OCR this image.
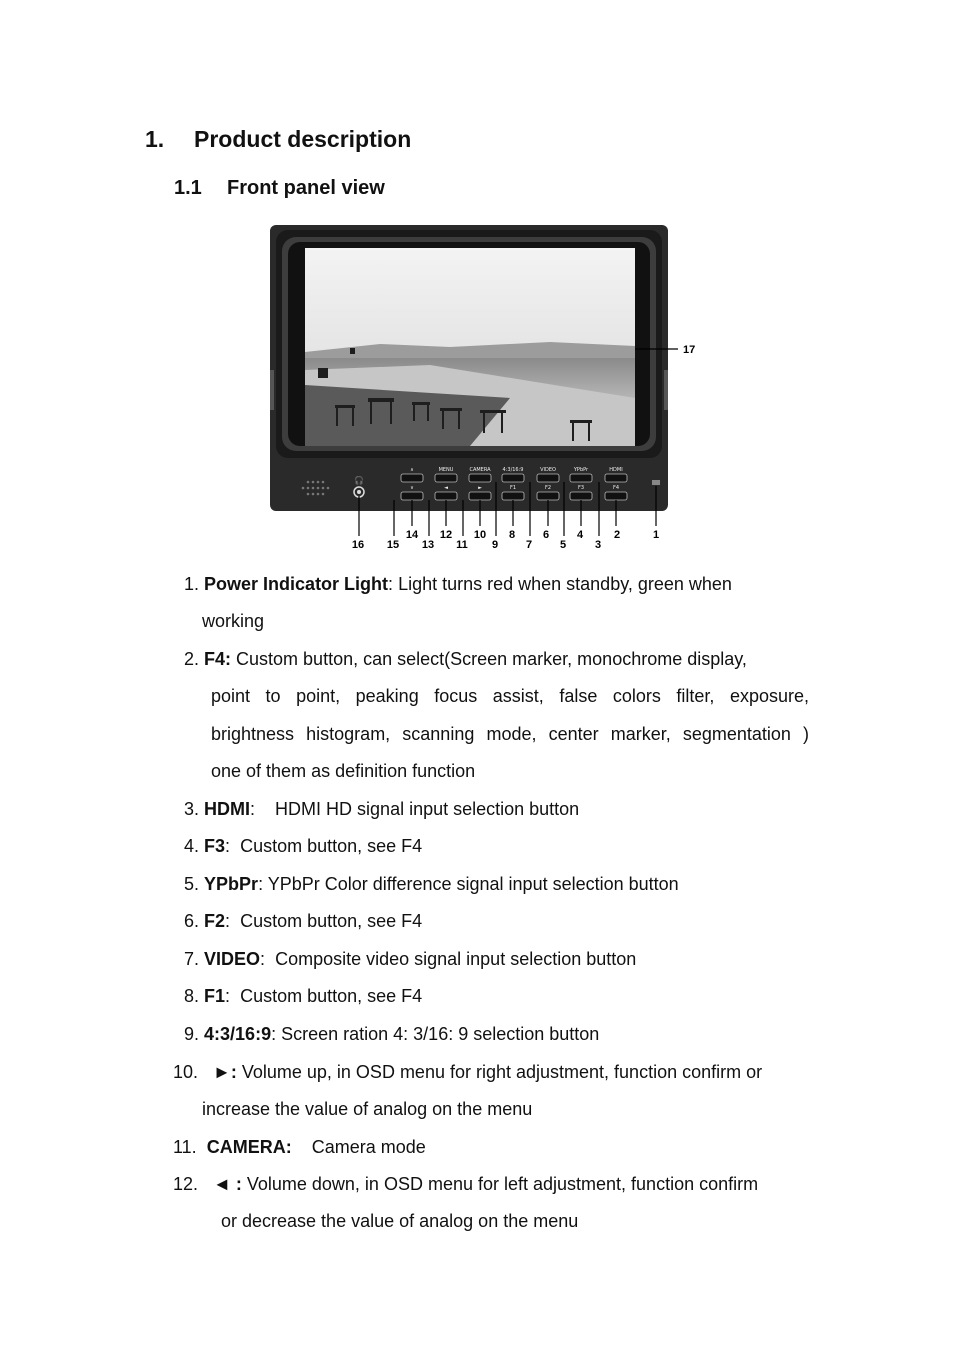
1. Product description
1.1 Front panel view
🎧
∧	MENU	CAMERA 4:3/16:9	VIDEO	YPbPr	HDMI
∨	◄	►	F1	F2	F3	F4
16 15
14
13
12
11
10
9
8
7
6
5
4
3
2	1
17
1. Power Indicator Light: Light turns red when standby, green when
working
2. F4: Custom button, can select(Screen marker, monochrome display,
point to point, peaking focus assist, false colors filter, exposure,
brightness histogram, scanning mode, center marker, segmentation )
one of them as definition function
3. HDMI:    HDMI HD signal input selection button
4. F3:  Custom button, see F4
5. YPbPr: YPbPr Color difference signal input selection button
6. F2:  Custom button, see F4
7. VIDEO:  Composite video signal input selection button
8. F1:  Custom button, see F4
9. 4:3/16:9: Screen ration 4: 3/16: 9 selection button
10. ►: Volume up, in OSD menu for right adjustment, function confirm or
increase the value of analog on the menu
11. CAMERA:    Camera mode
12. ◄ : Volume down, in OSD menu for left adjustment, function confirm
or decrease the value of analog on the menu
